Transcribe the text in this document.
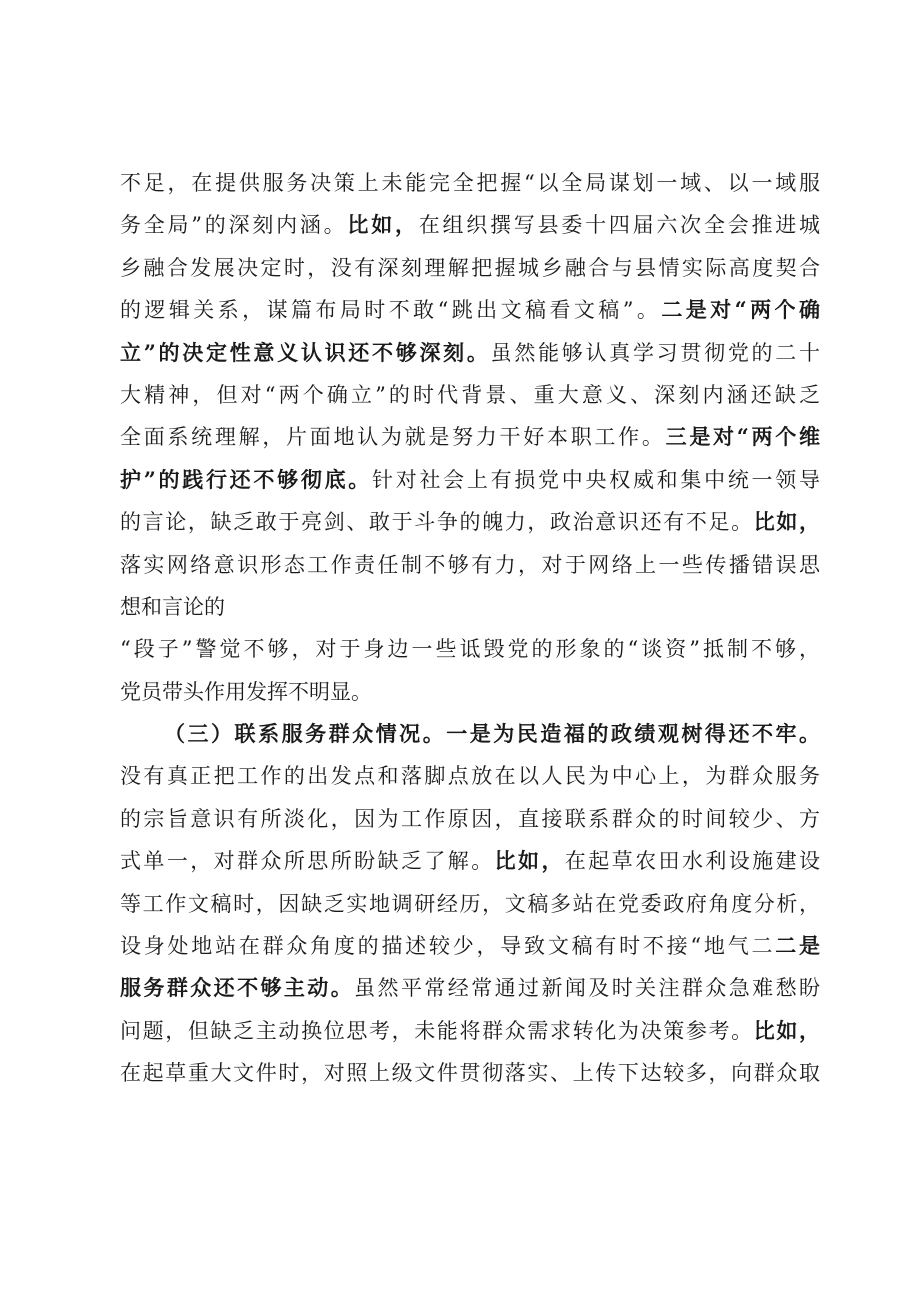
不足，在提供服务决策上未能完全把握“以全局谋划一域、以一域服
务全局”的深刻内涵。比如，在组织撰写县委十四届六次全会推进城
乡融合发展决定时，没有深刻理解把握城乡融合与县情实际高度契合
的逻辑关系，谋篇布局时不敢“跳出文稿看文稿”。二是对“两个确
立”的决定性意义认识还不够深刻。虽然能够认真学习贯彻党的二十
大精神，但对“两个确立”的时代背景、重大意义、深刻内涵还缺乏
全面系统理解，片面地认为就是努力干好本职工作。三是对“两个维
护”的践行还不够彻底。针对社会上有损党中央权威和集中统一领导
的言论，缺乏敢于亮剑、敢于斗争的魄力，政治意识还有不足。比如，
落实网络意识形态工作责任制不够有力，对于网络上一些传播错误思
想和言论的
“段子”警觉不够，对于身边一些诋毁党的形象的“谈资”抵制不够，
党员带头作用发挥不明显。
（三）联系服务群众情况。一是为民造福的政绩观树得还不牢。
没有真正把工作的出发点和落脚点放在以人民为中心上，为群众服务
的宗旨意识有所淡化，因为工作原因，直接联系群众的时间较少、方
式单一，对群众所思所盼缺乏了解。比如，在起草农田水利设施建设
等工作文稿时，因缺乏实地调研经历，文稿多站在党委政府角度分析，
设身处地站在群众角度的描述较少，导致文稿有时不接“地气二二是
服务群众还不够主动。虽然平常经常通过新闻及时关注群众急难愁盼
问题，但缺乏主动换位思考，未能将群众需求转化为决策参考。比如，
在起草重大文件时，对照上级文件贯彻落实、上传下达较多，向群众取
